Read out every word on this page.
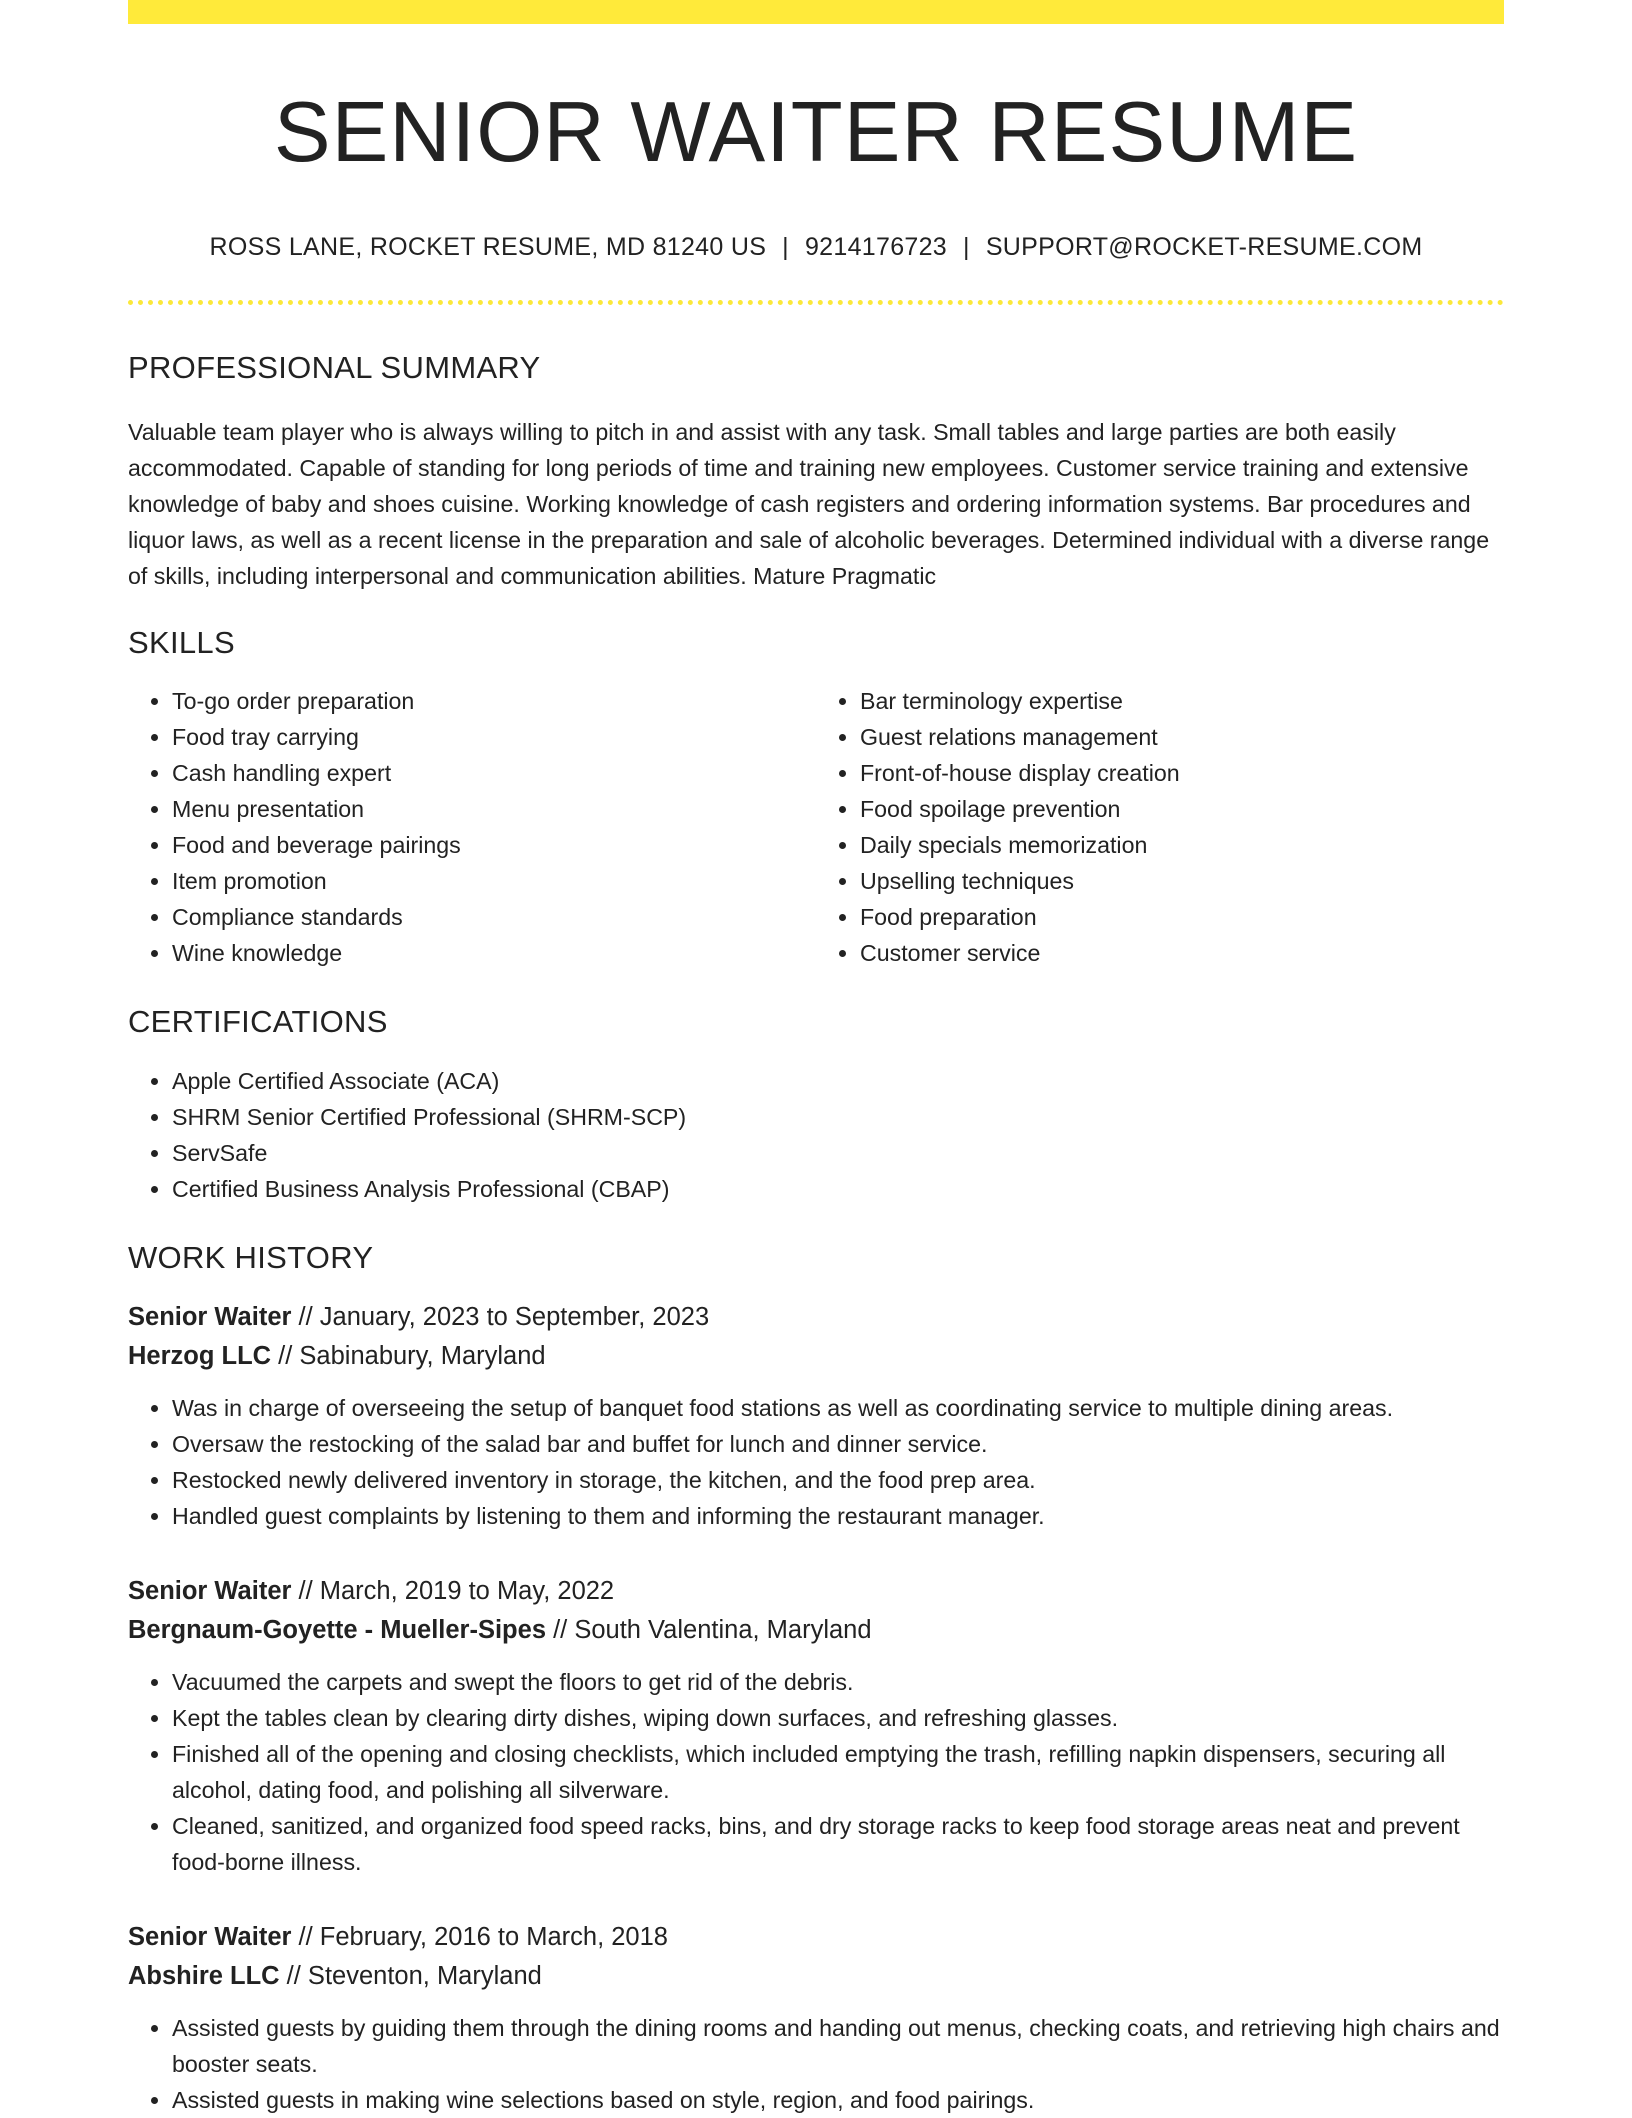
SENIOR WAITER RESUME
ROSS LANE, ROCKET RESUME, MD 81240 US | 9214176723 | SUPPORT@ROCKET-RESUME.COM
PROFESSIONAL SUMMARY

Valuable team player who is always willing to pitch in and assist with any task. Small tables and large parties are both easily accommodated. Capable of standing for long periods of time and training new employees. Customer service training and extensive knowledge of baby and shoes cuisine. Working knowledge of cash registers and ordering information systems. Bar procedures and liquor laws, as well as a recent license in the preparation and sale of alcoholic beverages. Determined individual with a diverse range of skills, including interpersonal and communication abilities. Mature Pragmatic

SKILLS
• To-go order preparation
• Food tray carrying
• Cash handling expert
• Menu presentation
• Food and beverage pairings
• Item promotion
• Compliance standards
• Wine knowledge
• Bar terminology expertise
• Guest relations management
• Front-of-house display creation
• Food spoilage prevention
• Daily specials memorization
• Upselling techniques
• Food preparation
• Customer service
CERTIFICATIONS
• Apple Certified Associate (ACA)
• SHRM Senior Certified Professional (SHRM-SCP)
• ServSafe
• Certified Business Analysis Professional (CBAP)
WORK HISTORY
Senior Waiter // January, 2023 to September, 2023
Herzog LLC // Sabinabury, Maryland
• Was in charge of overseeing the setup of banquet food stations as well as coordinating service to multiple dining areas.
• Oversaw the restocking of the salad bar and buffet for lunch and dinner service.
• Restocked newly delivered inventory in storage, the kitchen, and the food prep area.
• Handled guest complaints by listening to them and informing the restaurant manager.
Senior Waiter // March, 2019 to May, 2022
Bergnaum-Goyette - Mueller-Sipes // South Valentina, Maryland
• Vacuumed the carpets and swept the floors to get rid of the debris.
• Kept the tables clean by clearing dirty dishes, wiping down surfaces, and refreshing glasses.
• Finished all of the opening and closing checklists, which included emptying the trash, refilling napkin dispensers, securing all alcohol, dating food, and polishing all silverware.
• Cleaned, sanitized, and organized food speed racks, bins, and dry storage racks to keep food storage areas neat and prevent food-borne illness.
Senior Waiter // February, 2016 to March, 2018
Abshire LLC // Steventon, Maryland
• Assisted guests by guiding them through the dining rooms and handing out menus, checking coats, and retrieving high chairs and booster seats.
• Assisted guests in making wine selections based on style, region, and food pairings.
